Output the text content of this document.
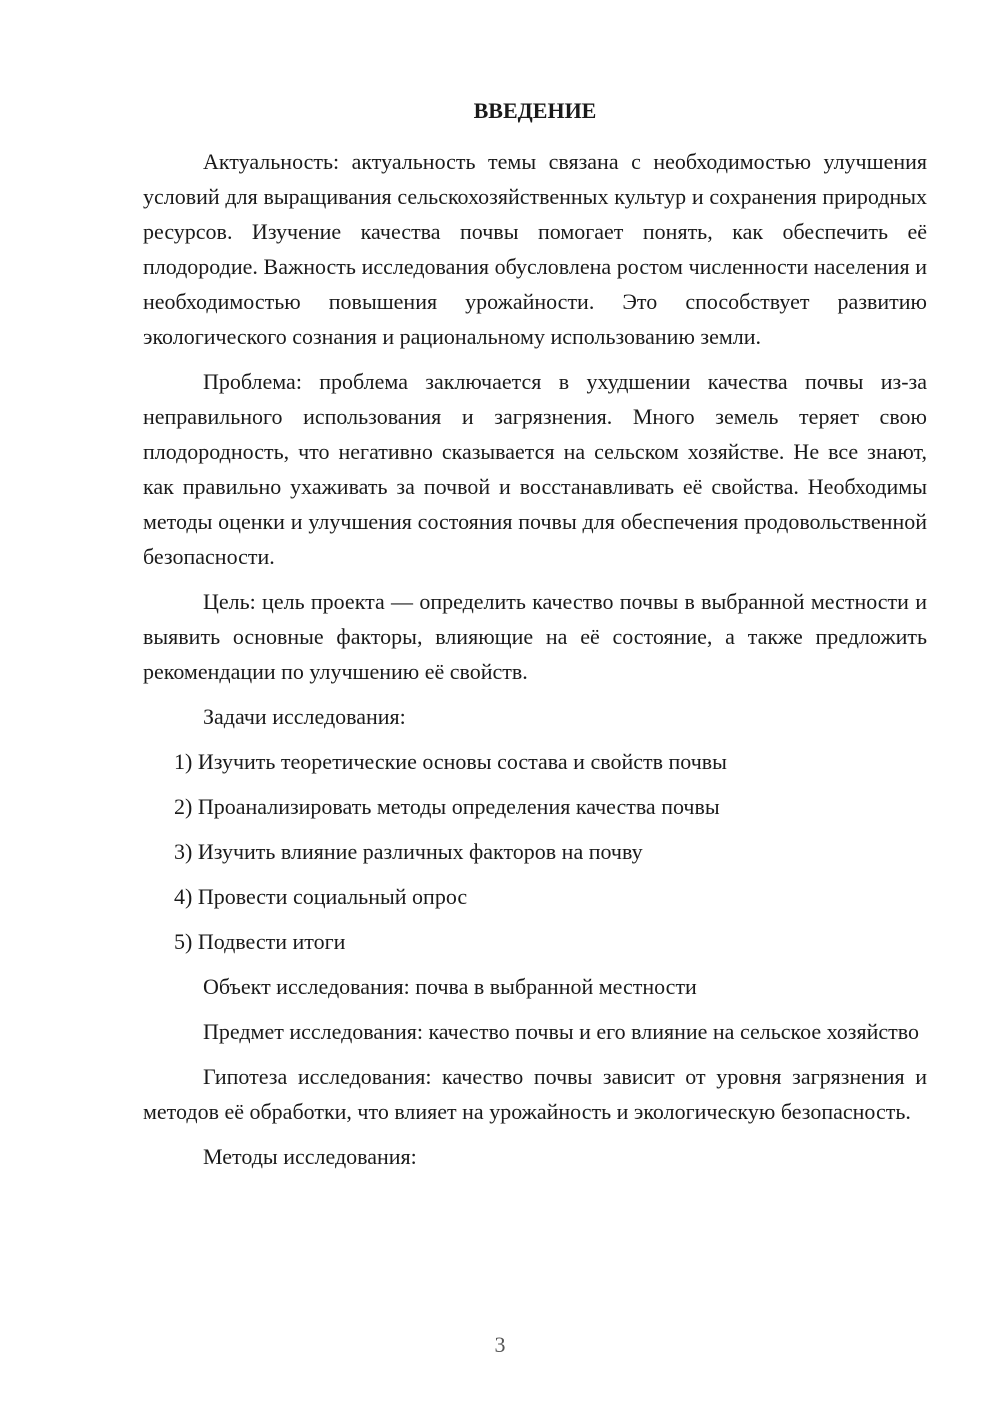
ВВЕДЕНИЕ

Актуальность: актуальность темы связана с необходимостью улучшения условий для выращивания сельскохозяйственных культур и сохранения природных ресурсов. Изучение качества почвы помогает понять, как обеспечить её плодородие. Важность исследования обусловлена ростом численности населения и необходимостью повышения урожайности. Это способствует развитию экологического сознания и рациональному использованию земли.

Проблема: проблема заключается в ухудшении качества почвы из-за неправильного использования и загрязнения. Много земель теряет свою плодородность, что негативно сказывается на сельском хозяйстве. Не все знают, как правильно ухаживать за почвой и восстанавливать её свойства. Необходимы методы оценки и улучшения состояния почвы для обеспечения продовольственной безопасности.

Цель: цель проекта — определить качество почвы в выбранной местности и выявить основные факторы, влияющие на её состояние, а также предложить рекомендации по улучшению её свойств.

Задачи исследования:
1) Изучить теоретические основы состава и свойств почвы
2) Проанализировать методы определения качества почвы
3) Изучить влияние различных факторов на почву
4) Провести социальный опрос
5) Подвести итоги
Объект исследования: почва в выбранной местности

Предмет исследования: качество почвы и его влияние на сельское хозяйство

Гипотеза исследования: качество почвы зависит от уровня загрязнения и методов её обработки, что влияет на урожайность и экологическую безопасность.

Методы исследования:
3
